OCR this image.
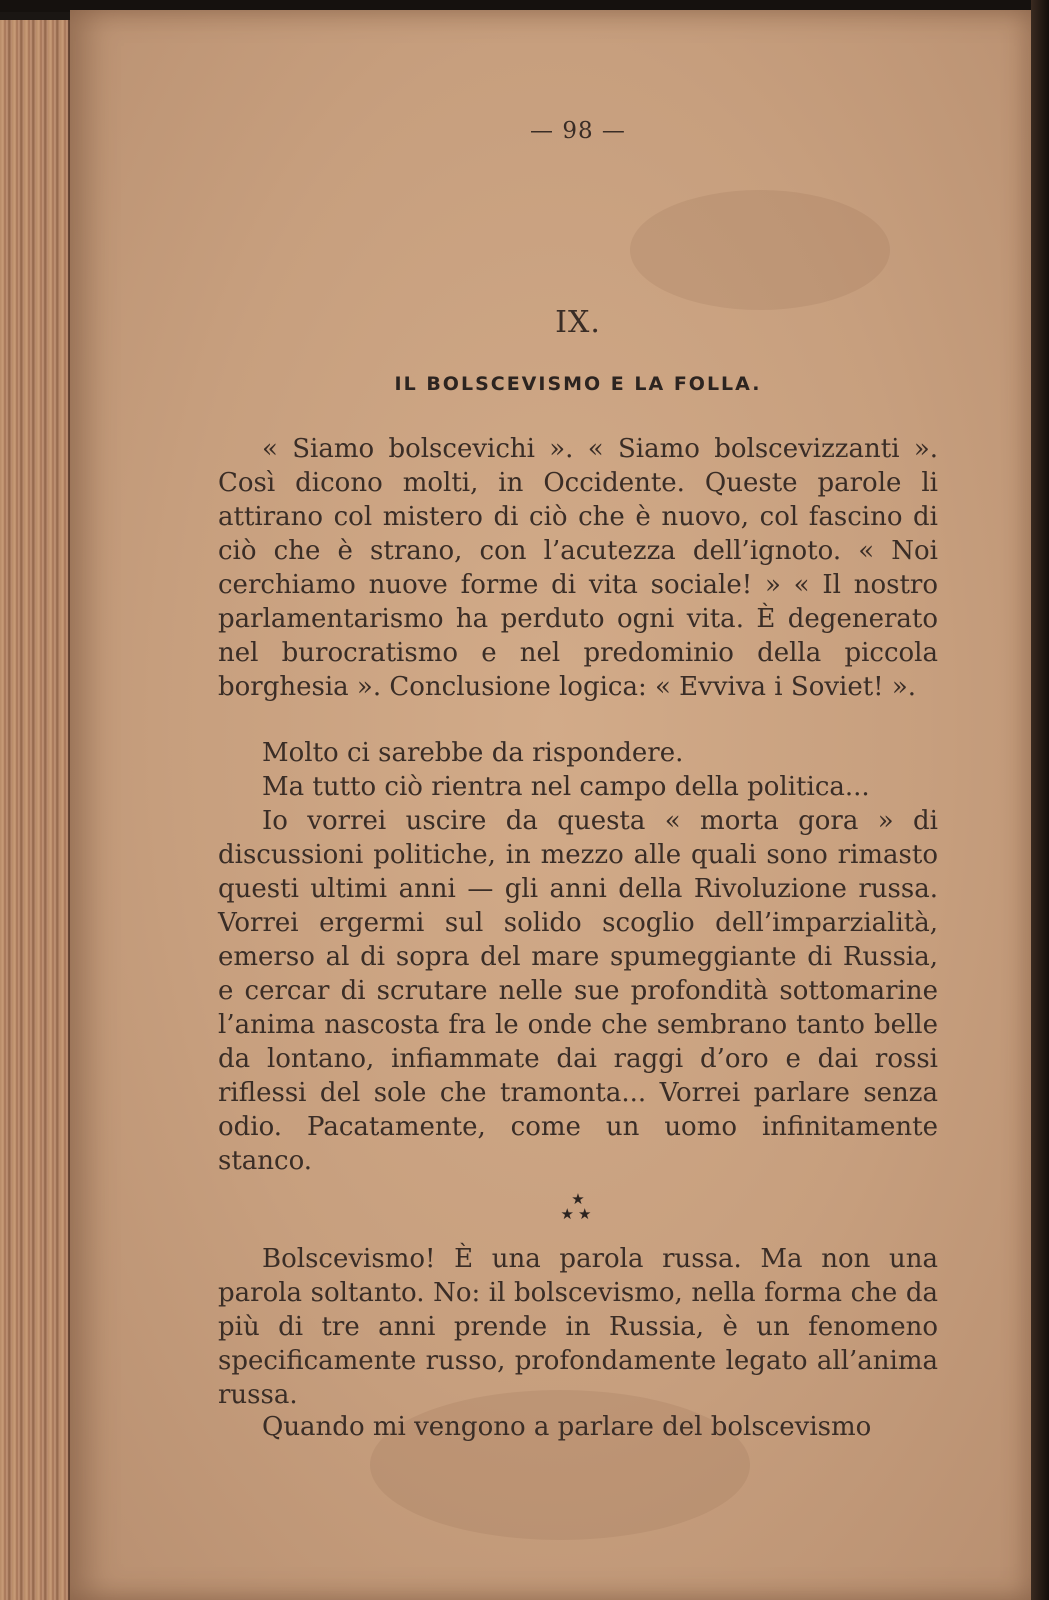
— 98 —
IX.
IL BOLSCEVISMO E LA FOLLA.

« Siamo bolscevichi ». « Siamo bolscevizzanti ». Così dicono molti, in Occidente. Queste parole li attirano col mistero di ciò che è nuovo, col fascino di ciò che è strano, con l’acutezza dell’ignoto. « Noi cerchiamo nuove forme di vita sociale! » « Il nostro parlamentarismo ha perduto ogni vita. È degenerato nel burocratismo e nel predominio della piccola borghesia ». Conclusione logica: « Evviva i Soviet! ».

Molto ci sarebbe da rispondere.

Ma tutto ciò rientra nel campo della politica...

Io vorrei uscire da questa « morta gora » di discussioni politiche, in mezzo alle quali sono rimasto questi ultimi anni — gli anni della Rivoluzione russa. Vorrei ergermi sul solido scoglio dell’imparzialità, emerso al di sopra del mare spumeggiante di Russia, e cercar di scrutare nelle sue profondità sottomarine l’anima nascosta fra le onde che sembrano tanto belle da lontano, infiammate dai raggi d’oro e dai rossi riflessi del sole che tramonta... Vorrei parlare senza odio. Pacatamente, come un uomo infinitamente stanco.

★
★★

Bolscevismo! È una parola russa. Ma non una parola soltanto. No: il bolscevismo, nella forma che da più di tre anni prende in Russia, è un fenomeno specificamente russo, profondamente legato all’anima russa.

Quando mi vengono a parlare del bolscevismo
